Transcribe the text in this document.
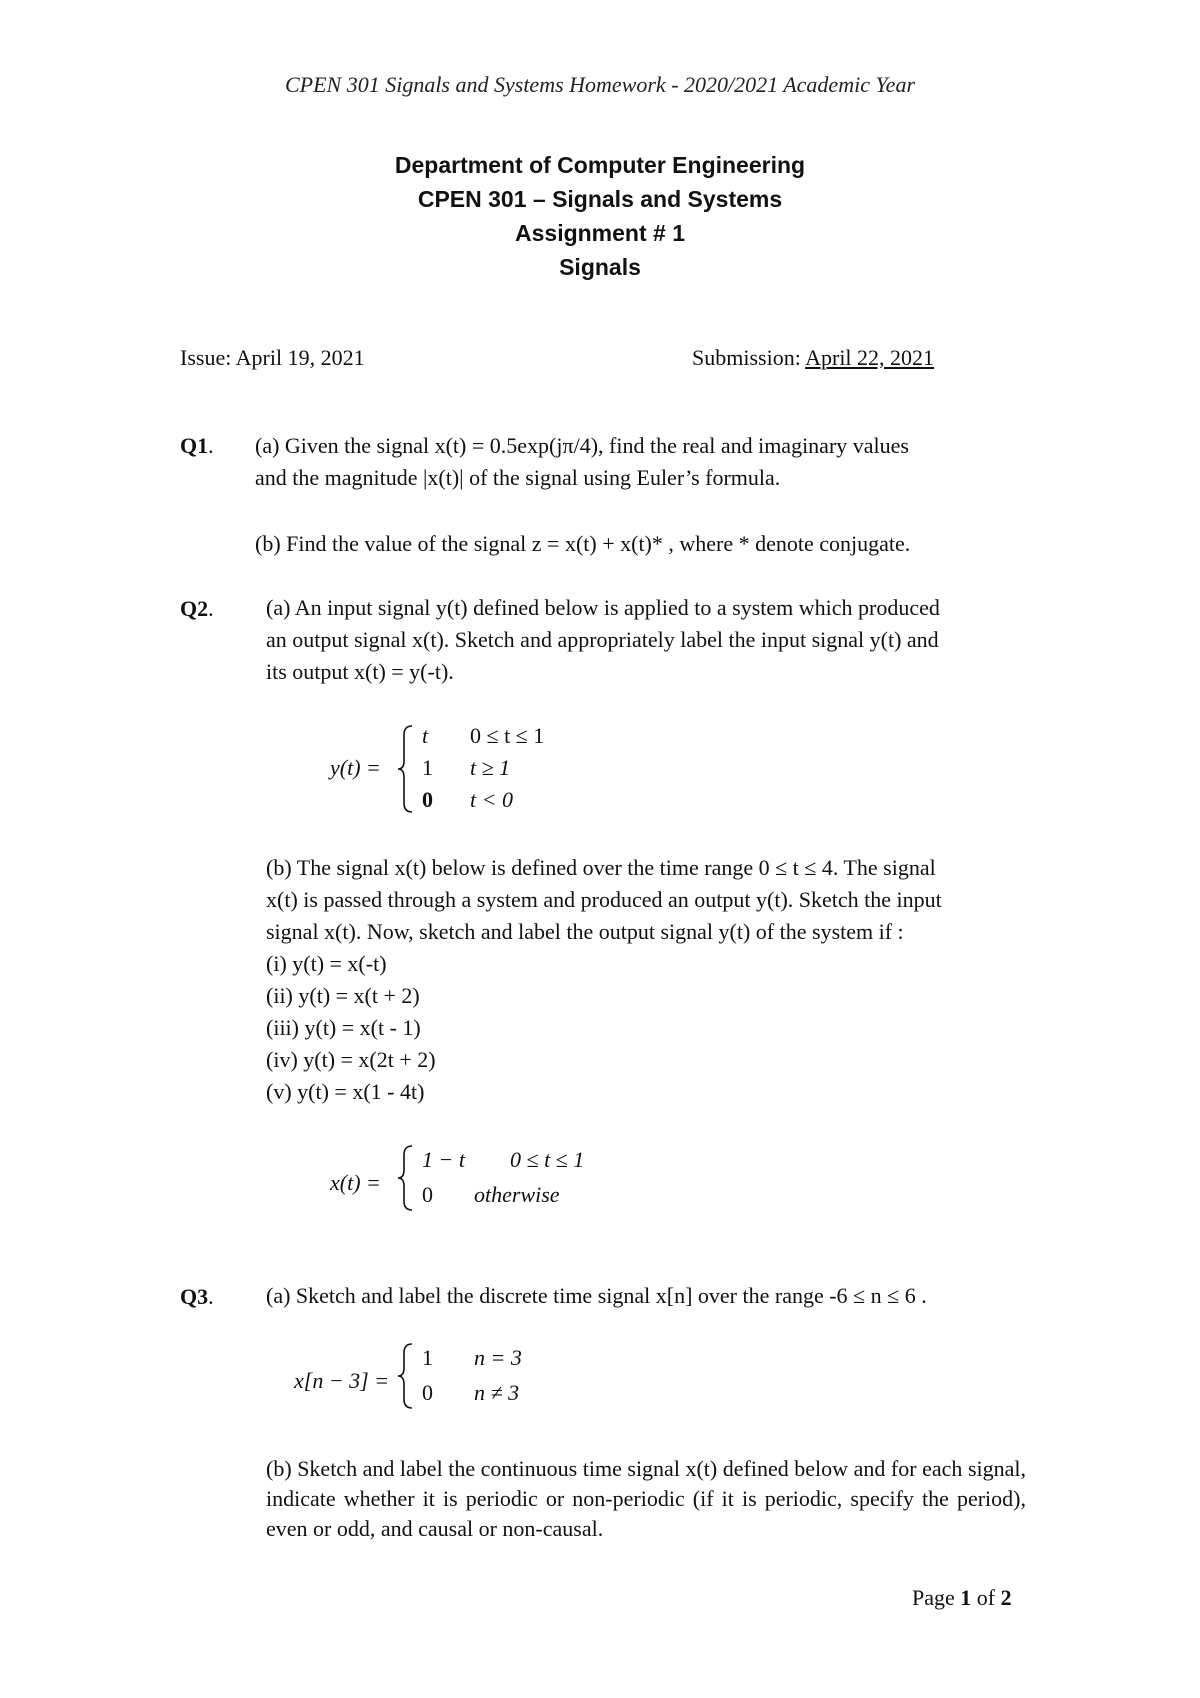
CPEN 301 Signals and Systems Homework - 2020/2021 Academic Year
Department of Computer Engineering
CPEN 301 – Signals and Systems
Assignment # 1
Signals
Issue: April 19, 2021	Submission: April 22, 2021
Q1. (a) Given the signal x(t) = 0.5exp(jπ/4), find the real and imaginary values
and the magnitude |x(t)| of the signal using Euler’s formula.
(b) Find the value of the signal z = x(t) + x(t)* , where * denote conjugate.
Q2. (a) An input signal y(t) defined below is applied to a system which produced
an output signal x(t). Sketch and appropriately label the input signal y(t) and
its output x(t) = y(-t).
y(t) =
t 0 ≤ t ≤ 1
1 t ≥ 1
0 t < 0
(b) The signal x(t) below is defined over the time range 0 ≤ t ≤ 4. The signal
x(t) is passed through a system and produced an output y(t). Sketch the input
signal x(t). Now, sketch and label the output signal y(t) of the system if :
(i) y(t) = x(-t)
(ii) y(t) = x(t + 2)
(iii) y(t) = x(t - 1)
(iv) y(t) = x(2t + 2)
(v) y(t) = x(1 - 4t)
x(t) =
1 − t 0 ≤ t ≤ 1
0 otherwise
Q3. (a) Sketch and label the discrete time signal x[n] over the range -6 ≤ n ≤ 6 .
x[n − 3] =
1 n = 3
0 n ≠ 3
(b) Sketch and label the continuous time signal x(t) defined below and for each signal, indicate whether it is periodic or non-periodic (if it is periodic, specify the period), even or odd, and causal or non-causal.
Page 1 of 2
